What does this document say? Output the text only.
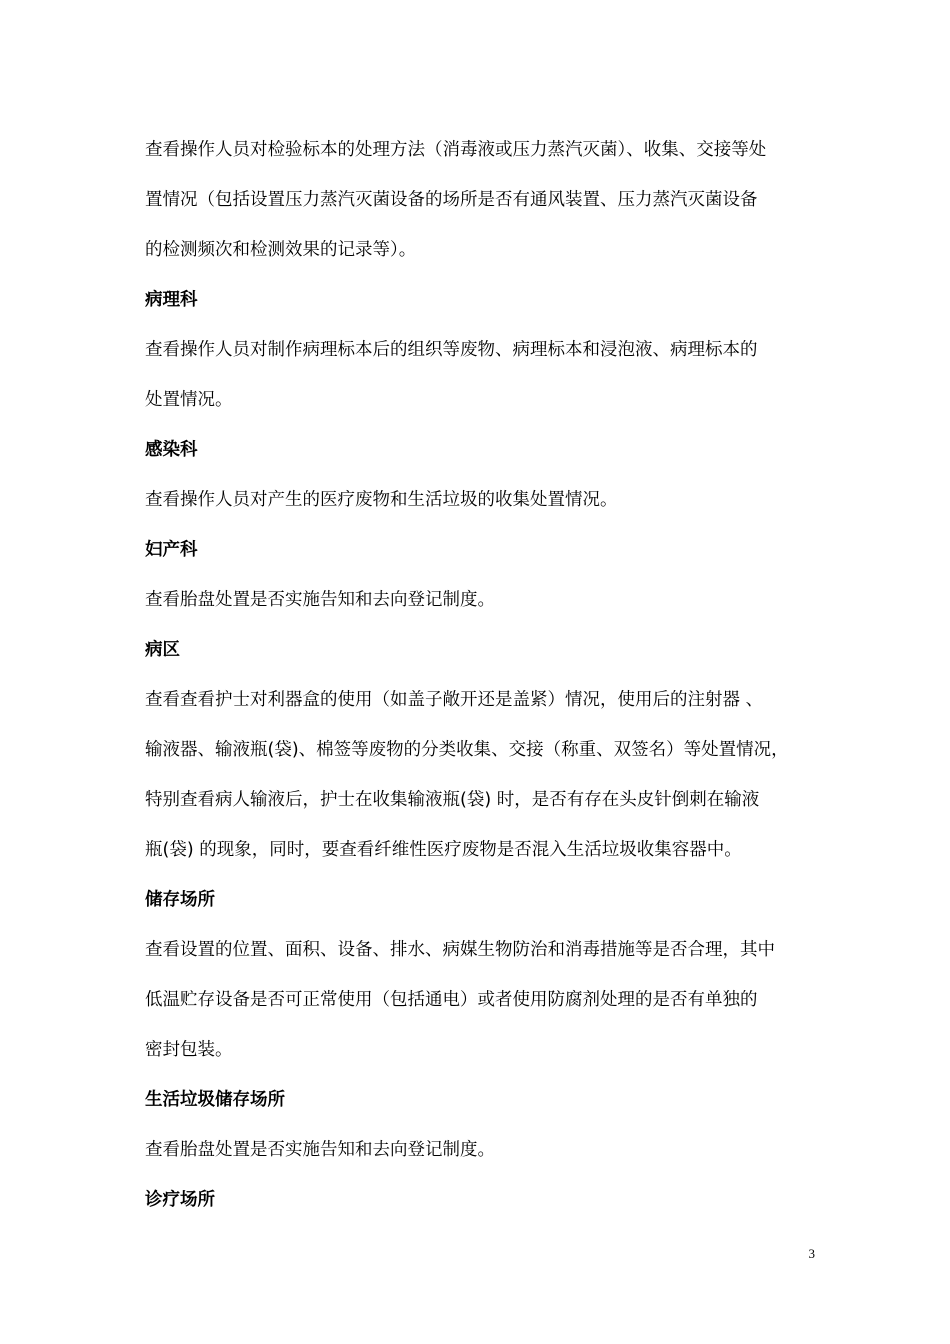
查看操作人员对检验标本的处理方法（消毒液或压力蒸汽灭菌）、收集、交接等处
置情况（包括设置压力蒸汽灭菌设备的场所是否有通风装置、压力蒸汽灭菌设备
的检测频次和检测效果的记录等）。
病理科
查看操作人员对制作病理标本后的组织等废物、病理标本和浸泡液、病理标本的
处置情况。
感染科
查看操作人员对产生的医疗废物和生活垃圾的收集处置情况。
妇产科
查看胎盘处置是否实施告知和去向登记制度。
病区
查看查看护士对利器盒的使用（如盖子敞开还是盖紧）情况，使用后的注射器 、
输液器、输液瓶(袋)、棉签等废物的分类收集、交接（称重、双签名）等处置情况，
特别查看病人输液后，护士在收集输液瓶(袋) 时，是否有存在头皮针倒刺在输液
瓶(袋) 的现象，同时，要查看纤维性医疗废物是否混入生活垃圾收集容器中。
储存场所
查看设置的位置、面积、设备、排水、病媒生物防治和消毒措施等是否合理，其中
低温贮存设备是否可正常使用（包括通电）或者使用防腐剂处理的是否有单独的
密封包装。
生活垃圾储存场所
查看胎盘处置是否实施告知和去向登记制度。
诊疗场所
3
